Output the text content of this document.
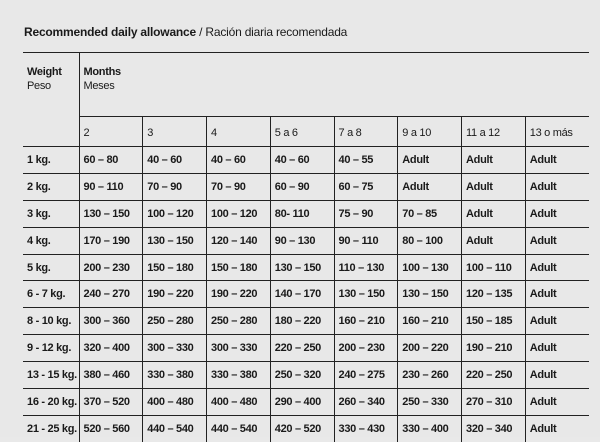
Recommended daily allowance / Ración diaria recomendada
Weight
Peso	Months
Meses							

	2	3	4	5 a 6	7 a 8	9 a 10	11 a 12	13 o más
1 kg.	60 – 80	40 – 60	40 – 60	40 – 60	40 – 55	Adult	Adult	Adult
2 kg.	90 – 110	70 – 90	70 – 90	60 – 90	60 – 75	Adult	Adult	Adult
3 kg.	130 – 150	100 – 120	100 – 120	80- 110	75 – 90	70 – 85	Adult	Adult
4 kg.	170 – 190	130 – 150	120 – 140	90 – 130	90 – 110	80 – 100	Adult	Adult
5 kg.	200 – 230	150 – 180	150 – 180	130 – 150	110 – 130	100 – 130	100 – 110	Adult
6 - 7 kg.	240 – 270	190 – 220	190 – 220	140 – 170	130 – 150	130 – 150	120 – 135	Adult
8 - 10 kg.	300 – 360	250 – 280	250 – 280	180 – 220	160 – 210	160 – 210	150 – 185	Adult
9 - 12 kg.	320 – 400	300 – 330	300 – 330	220 – 250	200 – 230	200 – 220	190 – 210	Adult
13 - 15 kg.	380 – 460	330 – 380	330 – 380	250 – 320	240 – 275	230 – 260	220 – 250	Adult
16 - 20 kg.	370 – 520	400 – 480	400 – 480	290 – 400	260 – 340	250 – 330	270 – 310	Adult
21 - 25 kg.	520 – 560	440 – 540	440 – 540	420 – 520	330 – 430	330 – 400	320 – 340	Adult
